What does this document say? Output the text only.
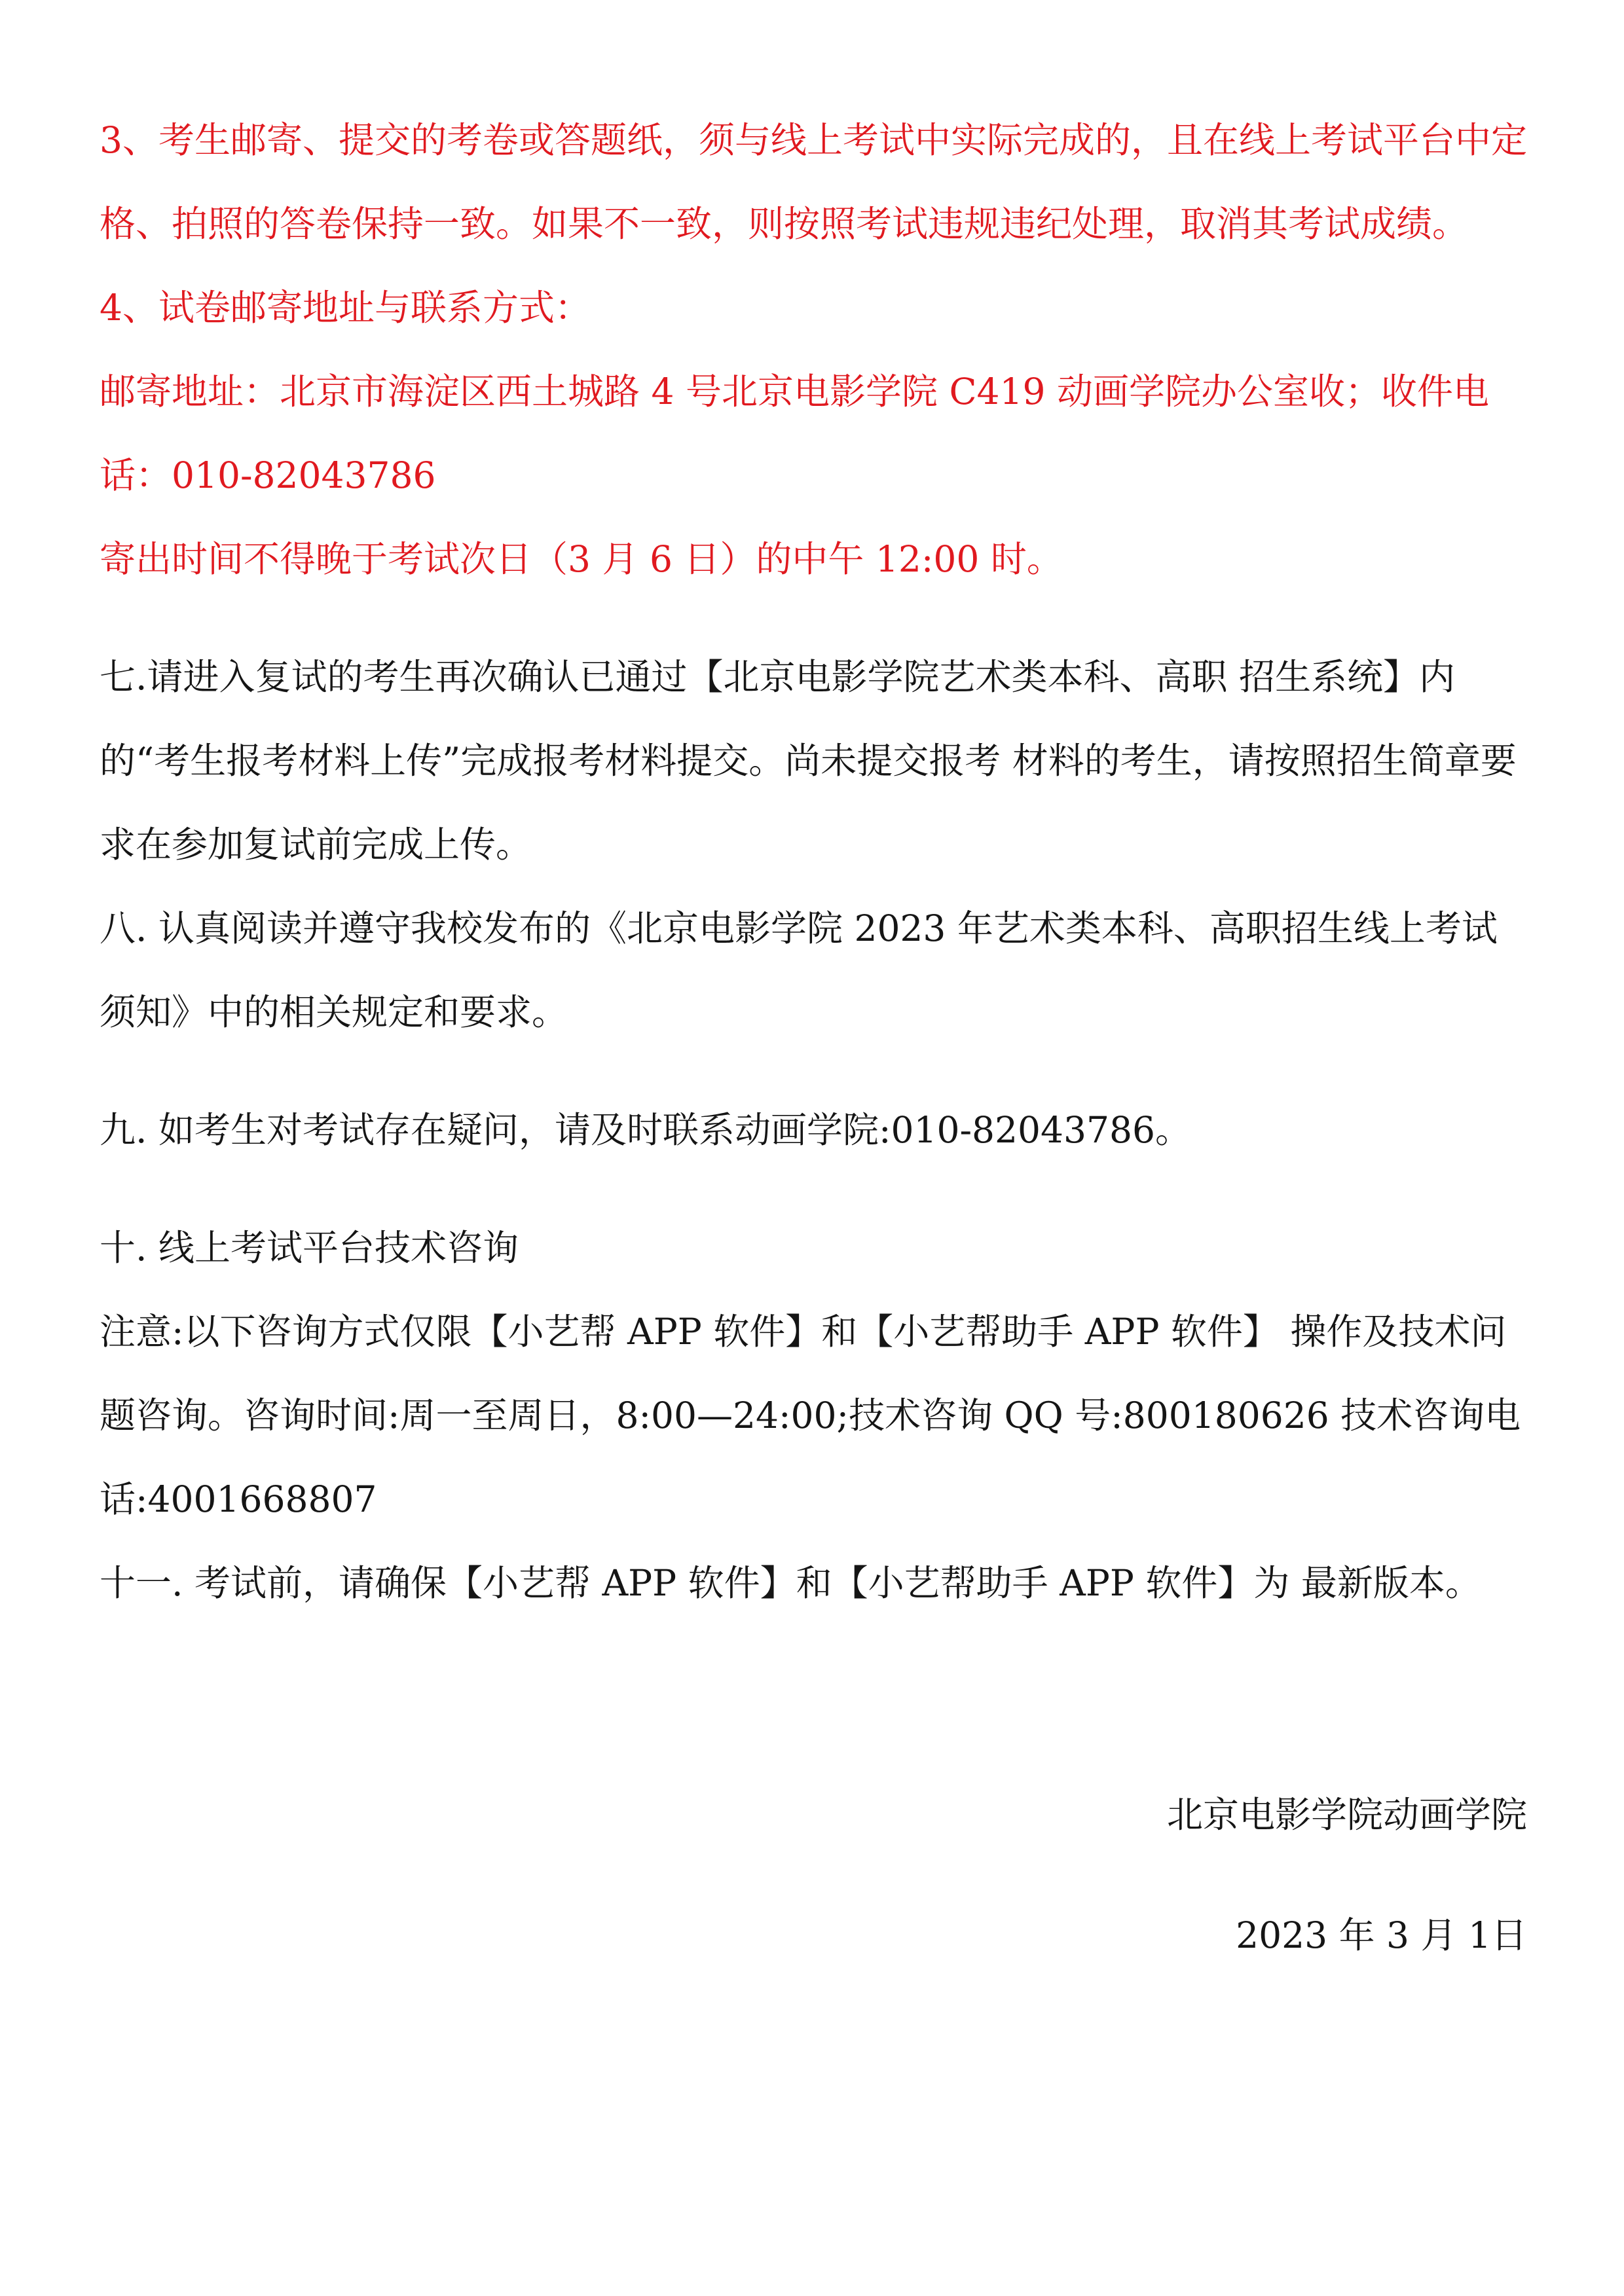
3、考生邮寄、提交的考卷或答题纸，须与线上考试中实际完成的，且在线上考试平台中定格、拍照的答卷保持一致。如果不一致，则按照考试违规违纪处理，取消其考试成绩。

4、试卷邮寄地址与联系方式：

邮寄地址：北京市海淀区西土城路 4 号北京电影学院 C419 动画学院办公室收；收件电话：010-82043786

寄出时间不得晚于考试次日（3 月 6 日）的中午 12:00 时。

七.请进入复试的考生再次确认已通过【北京电影学院艺术类本科、高职 招生系统】内的“考生报考材料上传”完成报考材料提交。尚未提交报考 材料的考生，请按照招生简章要求在参加复试前完成上传。

八. 认真阅读并遵守我校发布的《北京电影学院 2023 年艺术类本科、高职招生线上考试须知》中的相关规定和要求。

九. 如考生对考试存在疑问，请及时联系动画学院:010-82043786。

十. 线上考试平台技术咨询

注意:以下咨询方式仅限【小艺帮 APP 软件】和【小艺帮助手 APP 软件】 操作及技术问题咨询。咨询时间:周一至周日，8:00—24:00;技术咨询 QQ 号:800180626 技术咨询电话:4001668807

十一. 考试前，请确保【小艺帮 APP 软件】和【小艺帮助手 APP 软件】为 最新版本。

北京电影学院动画学院
2023 年 3 月 1日
